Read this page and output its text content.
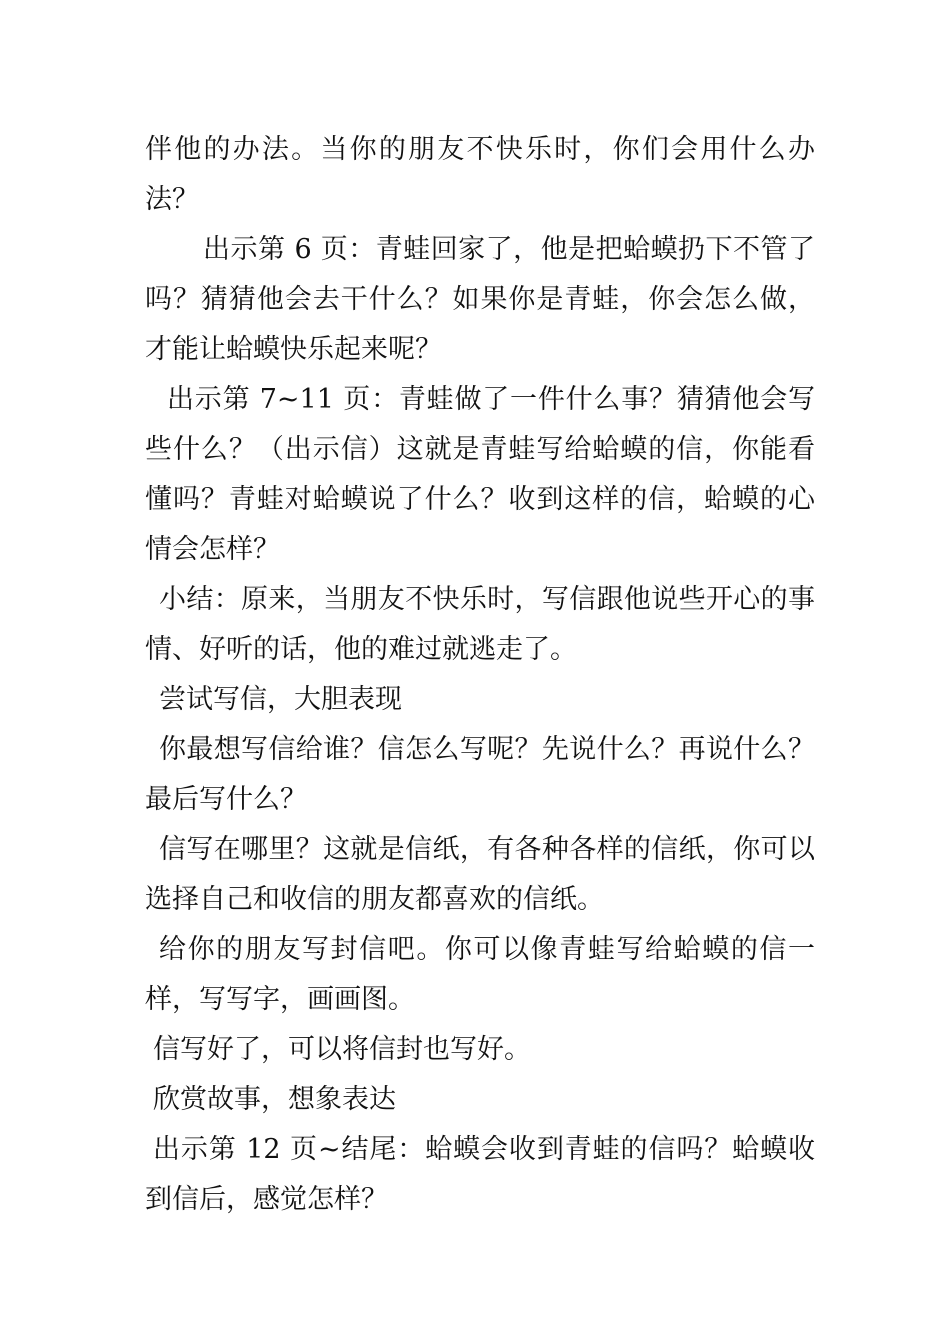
伴他的办法。当你的朋友不快乐时，你们会用什么办法？

出示第 6 页：青蛙回家了，他是把蛤蟆扔下不管了吗？猜猜他会去干什么？如果你是青蛙，你会怎么做，才能让蛤蟆快乐起来呢？

出示第 7~11 页：青蛙做了一件什么事？猜猜他会写些什么？（出示信）这就是青蛙写给蛤蟆的信，你能看懂吗？青蛙对蛤蟆说了什么？收到这样的信，蛤蟆的心情会怎样？

小结：原来，当朋友不快乐时，写信跟他说些开心的事情、好听的话，他的难过就逃走了。

尝试写信，大胆表现

你最想写信给谁？信怎么写呢？先说什么？再说什么？最后写什么？

信写在哪里？这就是信纸，有各种各样的信纸，你可以选择自己和收信的朋友都喜欢的信纸。

给你的朋友写封信吧。你可以像青蛙写给蛤蟆的信一样，写写字，画画图。

信写好了，可以将信封也写好。

欣赏故事，想象表达

出示第 12 页~结尾：蛤蟆会收到青蛙的信吗？蛤蟆收到信后，感觉怎样？
